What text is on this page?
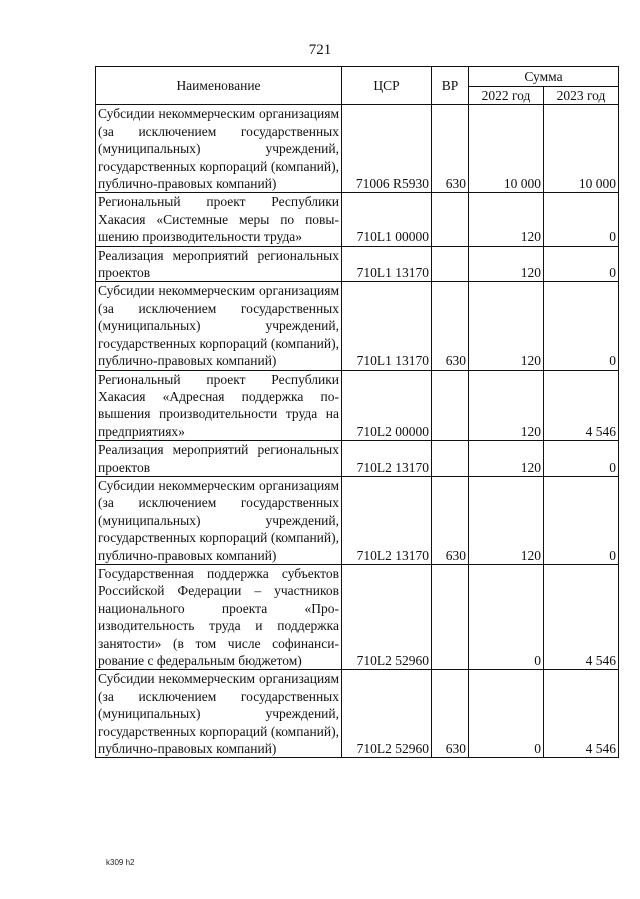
721
Наименование	ЦСР	ВР	Сумма	
			2022 год	2023 год
Субсидии некоммерческим организациям (за исключением государственных (муниципальных) учреждений, государственных корпораций (компаний), публично-правовых компаний)	71006 R5930	630	10 000	10 000
Региональный проект Республики Хакасия «Системные меры по повышению производительности труда»	710L1 00000		120	0
Реализация мероприятий региональных проектов	710L1 13170		120	0
Субсидии некоммерческим организациям (за исключением государственных (муниципальных) учреждений, государственных корпораций (компаний), публично-правовых компаний)	710L1 13170	630	120	0
Региональный проект Республики Хакасия «Адресная поддержка повышения производительности труда на предприятиях»	710L2 00000		120	4 546
Реализация мероприятий региональных проектов	710L2 13170		120	0
Субсидии некоммерческим организациям (за исключением государственных (муниципальных) учреждений, государственных корпораций (компаний), публично-правовых компаний)	710L2 13170	630	120	0
Государственная поддержка субъектов Российской Федерации – участников национального проекта «Производительность труда и поддержка занятости» (в том числе софинансирование с федеральным бюджетом)	710L2 52960		0	4 546
Субсидии некоммерческим организациям (за исключением государственных (муниципальных) учреждений, государственных корпораций (компаний), публично-правовых компаний)	710L2 52960	630	0	4 546
k309 h2
